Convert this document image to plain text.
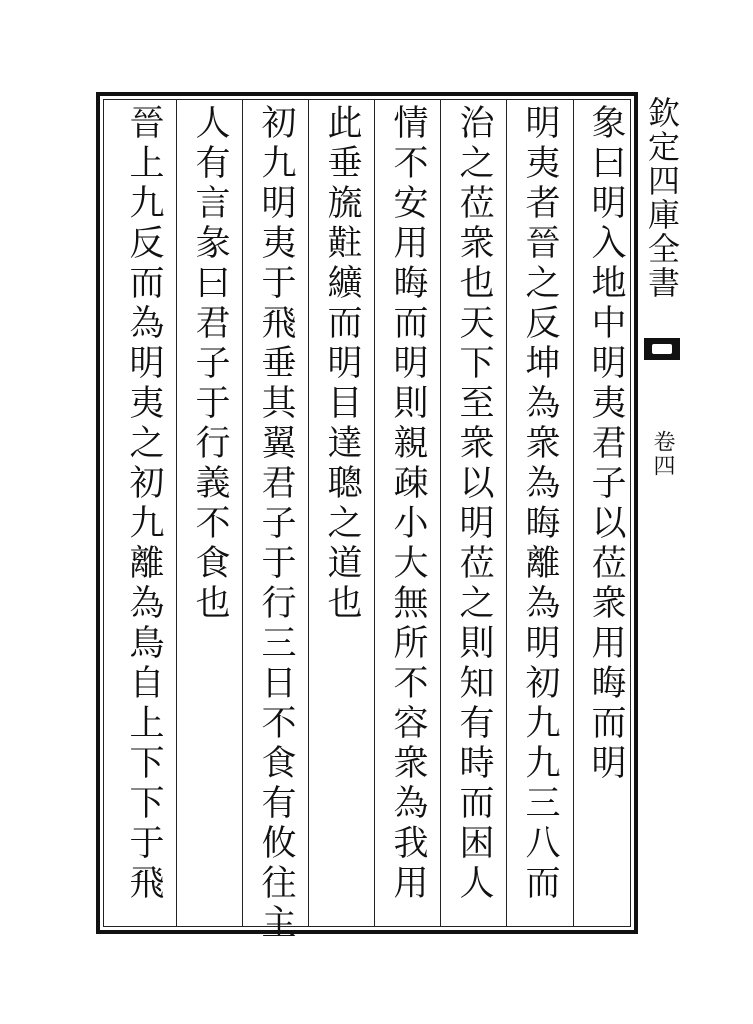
象曰明入地中明夷君子以莅衆用晦而明
明夷者晉之反坤為衆為晦離為明初九九三八而
治之莅衆也天下至衆以明莅之則知有時而困人
情不安用晦而明則親疎小大無所不容衆為我用
此垂旒黈纊而明目達聰之道也
初九明夷于飛垂其翼君子于行三日不食有攸往主
人有言彖曰君子于行義不食也
晉上九反而為明夷之初九離為鳥自上下下于飛	欽定四庫全書
卷四
